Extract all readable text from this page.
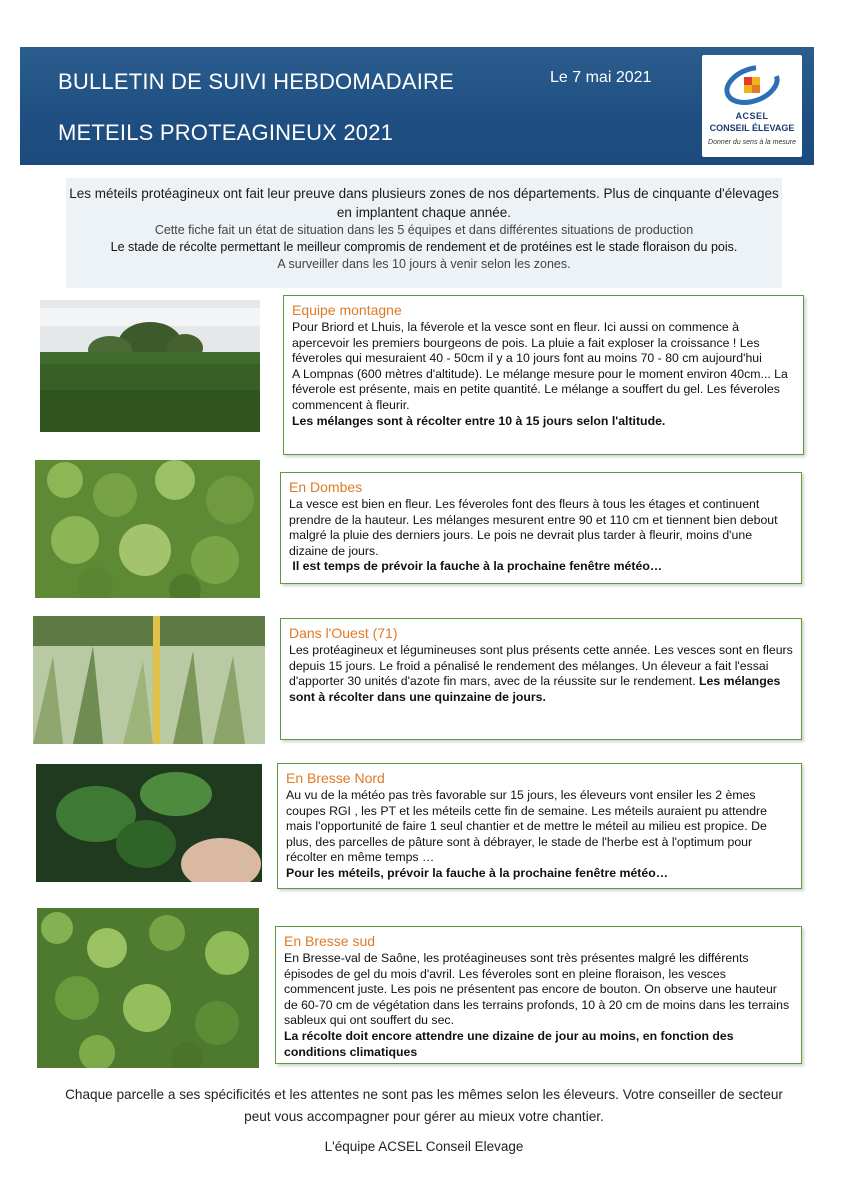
BULLETIN DE SUIVI HEBDOMADAIRE
METEILS PROTEAGINEUX 2021
Le 7 mai 2021
ACSEL
CONSEIL ÉLEVAGE
Donner du sens à la mesure
Les méteils protéagineux ont fait leur preuve dans plusieurs zones de nos départements. Plus de cinquante d'élevages en implantent chaque année.
Cette fiche fait un état de situation dans les 5 équipes et dans différentes situations de production
Le stade de récolte permettant le meilleur compromis de rendement et de protéines est le stade floraison du pois.
A surveiller dans les 10 jours à venir selon les zones.
Equipe montagne
Pour Briord et Lhuis, la féverole et la vesce sont en fleur. Ici aussi on commence à apercevoir les premiers bourgeons de pois. La pluie a fait exploser la croissance ! Les féveroles qui mesuraient 40 - 50cm il y a 10 jours font au moins 70 - 80 cm aujourd'hui
A Lompnas (600 mètres d'altitude). Le mélange mesure pour le moment environ 40cm... La féverole est présente, mais en petite quantité. Le mélange a souffert du gel. Les féveroles commencent à fleurir.
Les mélanges sont à récolter entre 10 à 15 jours selon l'altitude.
En Dombes
La vesce est bien en fleur. Les féveroles font des fleurs à tous les étages et continuent prendre de la hauteur. Les mélanges mesurent entre 90 et 110 cm et tiennent bien debout malgré la pluie des derniers jours. Le pois ne devrait plus tarder à fleurir, moins d'une dizaine de jours.
Il est temps de prévoir la fauche à la prochaine fenêtre météo…
Dans l'Ouest (71)
Les protéagineux et légumineuses sont plus présents cette année. Les vesces sont en fleurs depuis 15 jours. Le froid a pénalisé le rendement des mélanges. Un éleveur a fait l'essai d'apporter 30 unités d'azote fin mars, avec de la réussite sur le rendement. Les mélanges sont à récolter dans une quinzaine de jours.
En Bresse Nord
Au vu de la météo pas très favorable sur 15 jours, les éleveurs vont ensiler les 2 èmes coupes RGI , les PT et les méteils cette fin de semaine. Les méteils auraient pu attendre mais l'opportunité de faire 1 seul chantier et de mettre le méteil au milieu est propice. De plus, des parcelles de pâture sont à débrayer, le stade de l'herbe est à l'optimum pour récolter en même temps …
Pour les méteils, prévoir la fauche à la prochaine fenêtre météo…
En Bresse sud
En Bresse-val de Saône, les protéagineuses sont très présentes malgré les différents épisodes de gel du mois d'avril. Les féveroles sont en pleine floraison, les vesces commencent juste. Les pois ne présentent pas encore de bouton. On observe une hauteur de 60-70 cm de végétation dans les terrains profonds, 10 à 20 cm de moins dans les terrains sableux qui ont souffert du sec.
La récolte doit encore attendre une dizaine de jour au moins, en fonction des conditions climatiques
Chaque parcelle a ses spécificités et les attentes ne sont pas les mêmes selon les éleveurs. Votre conseiller de secteur peut vous accompagner pour gérer au mieux votre chantier.
L'équipe ACSEL Conseil Elevage
